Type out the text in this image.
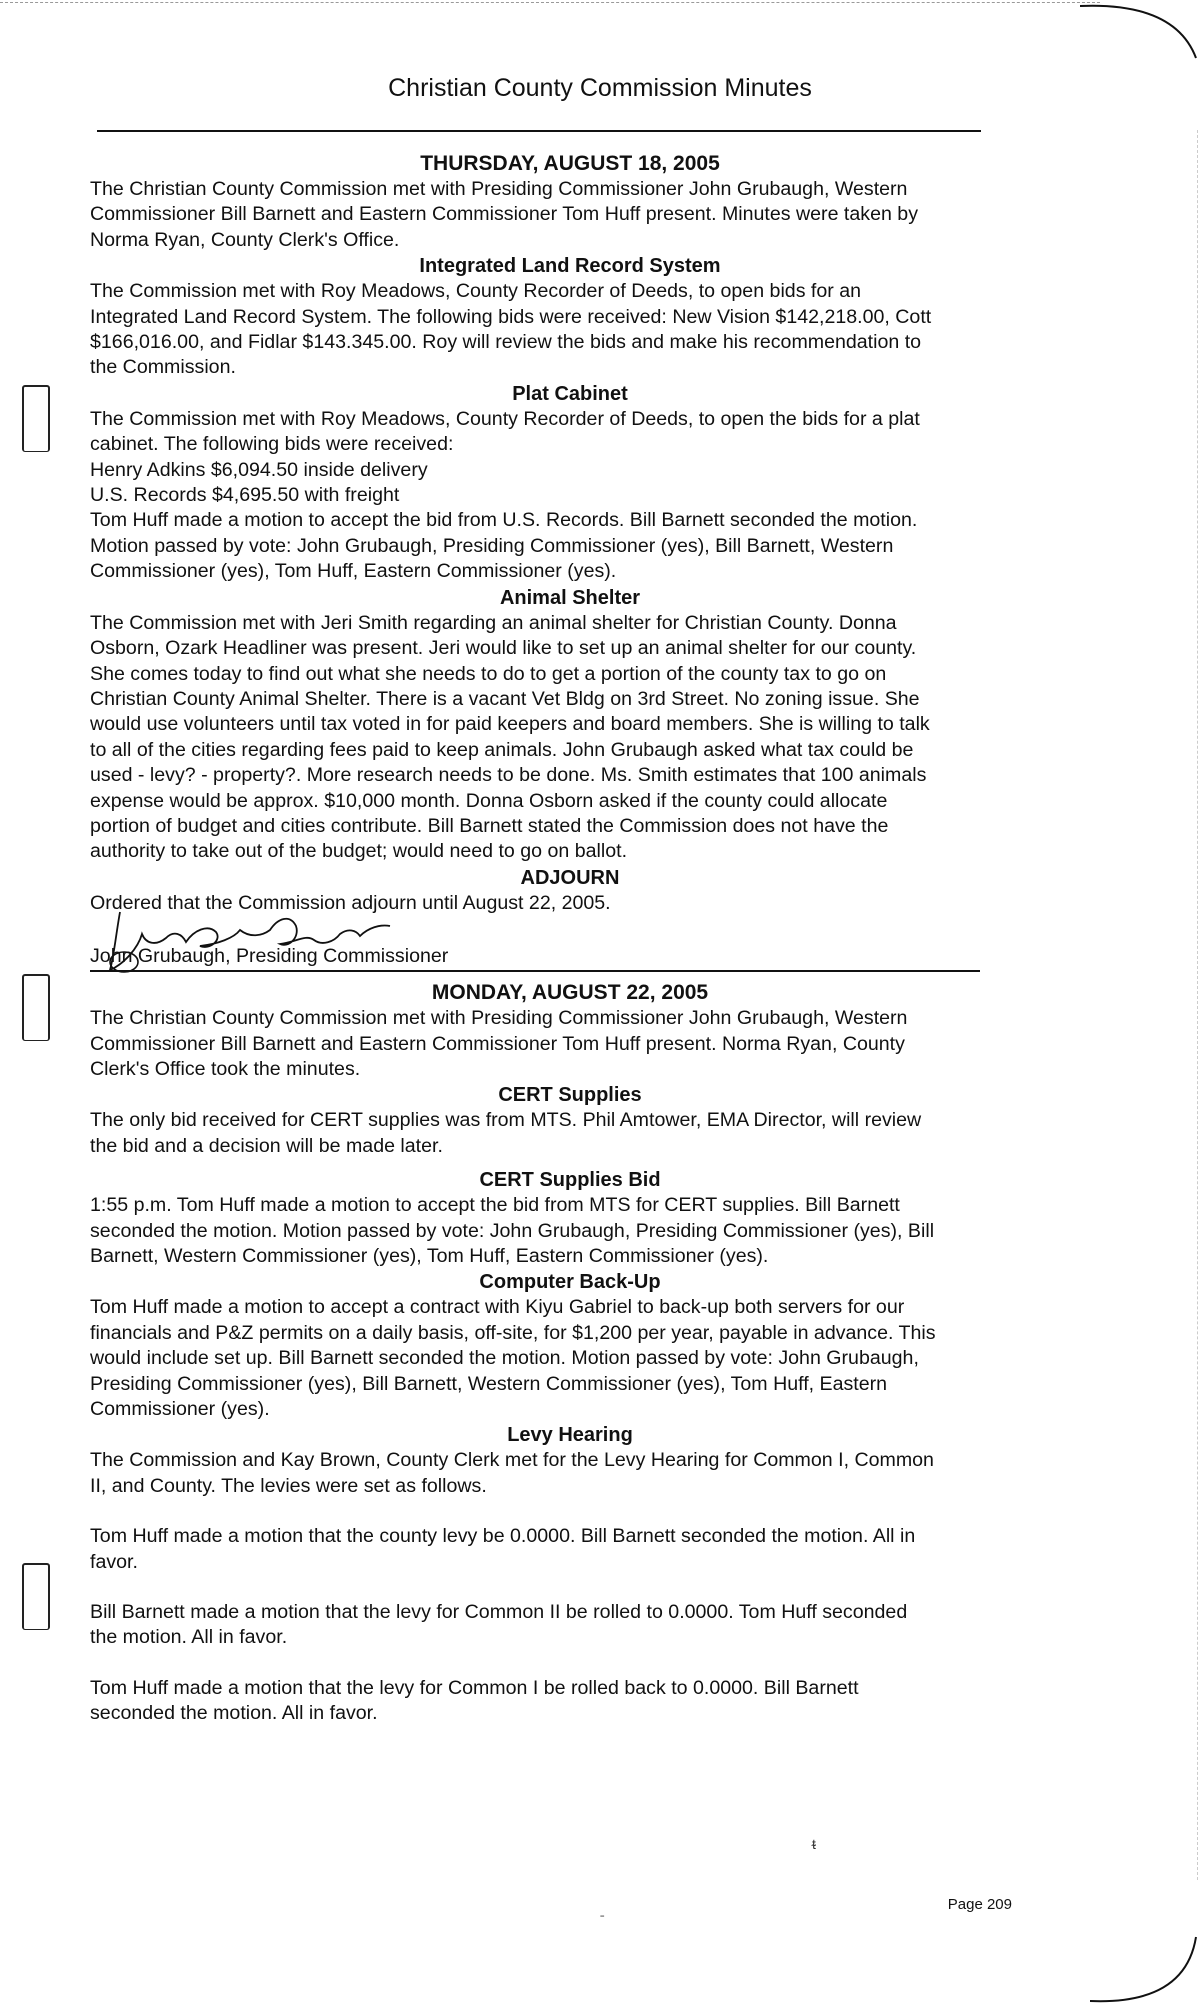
Christian County Commission Minutes
THURSDAY, AUGUST 18, 2005
The Christian County Commission met with Presiding Commissioner John Grubaugh, Western
Commissioner Bill Barnett and Eastern Commissioner Tom Huff present. Minutes were taken by
Norma Ryan, County Clerk's Office.
Integrated Land Record System
The Commission met with Roy Meadows, County Recorder of Deeds, to open bids for an
Integrated Land Record System. The following bids were received: New Vision $142,218.00, Cott
$166,016.00, and Fidlar $143.345.00. Roy will review the bids and make his recommendation to
the Commission.
Plat Cabinet
The Commission met with Roy Meadows, County Recorder of Deeds, to open the bids for a plat
cabinet. The following bids were received:
Henry Adkins $6,094.50 inside delivery
U.S. Records $4,695.50 with freight
Tom Huff made a motion to accept the bid from U.S. Records. Bill Barnett seconded the motion.
Motion passed by vote: John Grubaugh, Presiding Commissioner (yes), Bill Barnett, Western
Commissioner (yes), Tom Huff, Eastern Commissioner (yes).
Animal Shelter
The Commission met with Jeri Smith regarding an animal shelter for Christian County. Donna
Osborn, Ozark Headliner was present. Jeri would like to set up an animal shelter for our county.
She comes today to find out what she needs to do to get a portion of the county tax to go on
Christian County Animal Shelter. There is a vacant Vet Bldg on 3rd Street. No zoning issue. She
would use volunteers until tax voted in for paid keepers and board members. She is willing to talk
to all of the cities regarding fees paid to keep animals. John Grubaugh asked what tax could be
used - levy? - property?. More research needs to be done. Ms. Smith estimates that 100 animals
expense would be approx. $10,000 month. Donna Osborn asked if the county could allocate
portion of budget and cities contribute. Bill Barnett stated the Commission does not have the
authority to take out of the budget; would need to go on ballot.
ADJOURN
Ordered that the Commission adjourn until August 22, 2005.
John Grubaugh, Presiding Commissioner
MONDAY, AUGUST 22, 2005
The Christian County Commission met with Presiding Commissioner John Grubaugh, Western
Commissioner Bill Barnett and Eastern Commissioner Tom Huff present. Norma Ryan, County
Clerk's Office took the minutes.
CERT Supplies
The only bid received for CERT supplies was from MTS. Phil Amtower, EMA Director, will review
the bid and a decision will be made later.
CERT Supplies Bid
1:55 p.m. Tom Huff made a motion to accept the bid from MTS for CERT supplies. Bill Barnett
seconded the motion. Motion passed by vote: John Grubaugh, Presiding Commissioner (yes), Bill
Barnett, Western Commissioner (yes), Tom Huff, Eastern Commissioner (yes).
Computer Back-Up
Tom Huff made a motion to accept a contract with Kiyu Gabriel to back-up both servers for our
financials and P&Z permits on a daily basis, off-site, for $1,200 per year, payable in advance. This
would include set up. Bill Barnett seconded the motion. Motion passed by vote: John Grubaugh,
Presiding Commissioner (yes), Bill Barnett, Western Commissioner (yes), Tom Huff, Eastern
Commissioner (yes).
Levy Hearing
The Commission and Kay Brown, County Clerk met for the Levy Hearing for Common I, Common
II, and County. The levies were set as follows.
Tom Huff made a motion that the county levy be 0.0000. Bill Barnett seconded the motion. All in
favor.
Bill Barnett made a motion that the levy for Common II be rolled to 0.0000. Tom Huff seconded
the motion. All in favor.
Tom Huff made a motion that the levy for Common I be rolled back to 0.0000. Bill Barnett
seconded the motion. All in favor.
ᵵ
ˉ
Page 209
